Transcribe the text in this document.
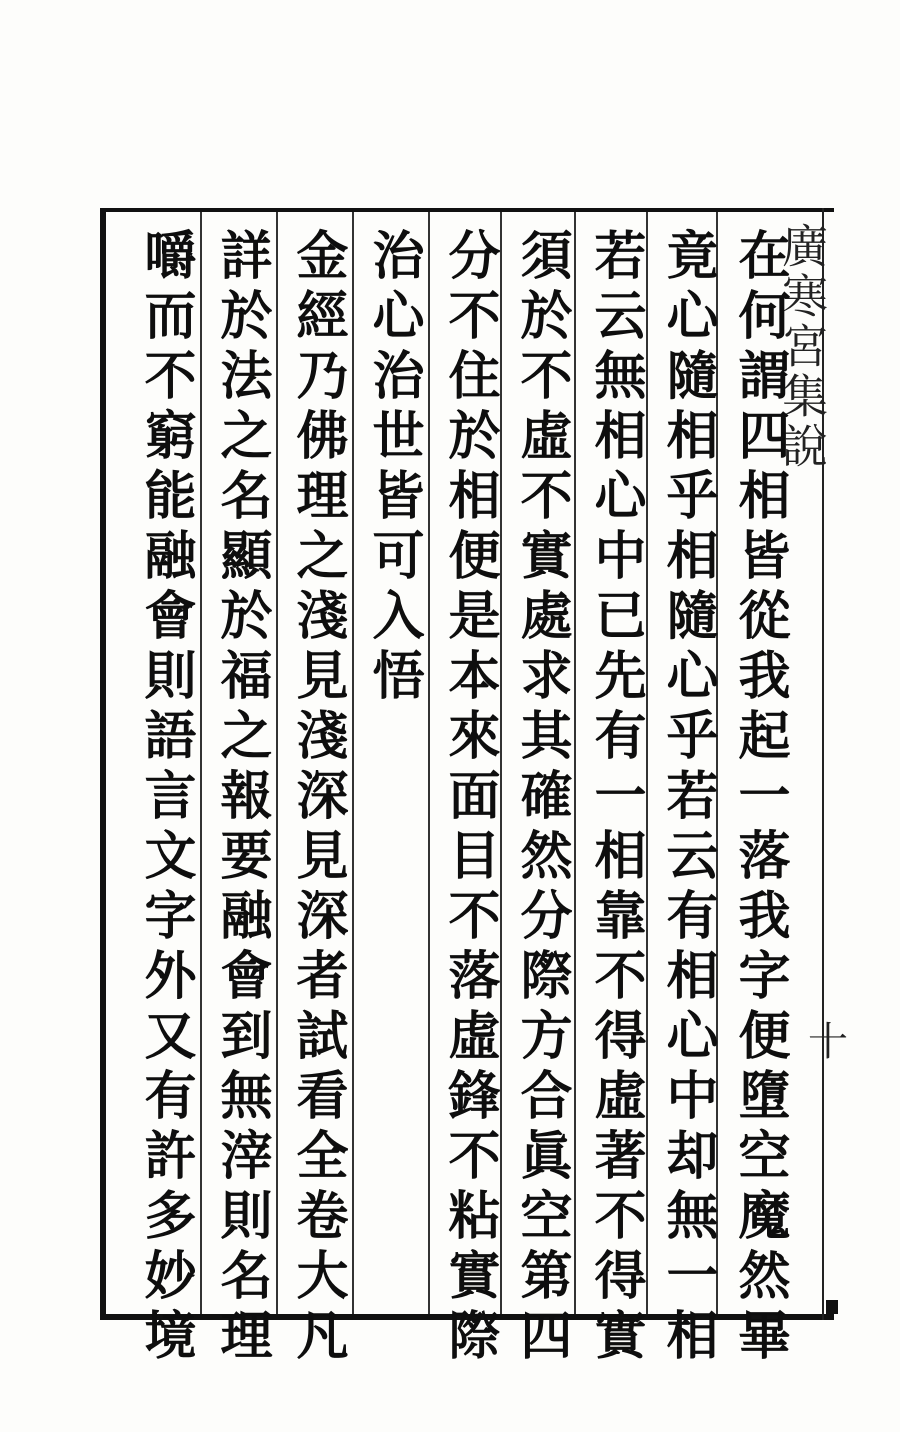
廣寒宮集說
十
在何謂四相皆從我起一落我字便墮空魔然畢
竟心隨相乎相隨心乎若云有相心中却無一相
若云無相心中已先有一相靠不得虛著不得實
須於不虛不實處求其確然分際方合眞空第四
分不住於相便是本來面目不落虛鋒不粘實際
治心治世皆可入悟
金經乃佛理之淺見淺深見深者試看全卷大凡
詳於法之名顯於福之報要融會到無滓則名理
嚼而不窮能融會則語言文字外又有許多妙境
